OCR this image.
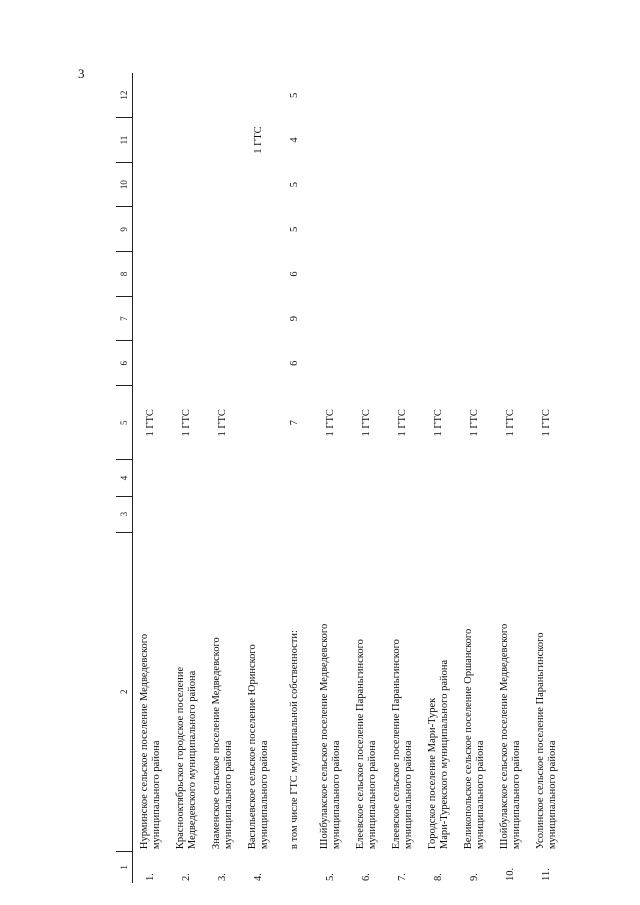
3
1	2	3	4	5	6	7	8	9	10	11	12
1.	Нурминское сельское поселение Медведевского муниципального района			1 ГТС							
2.	Краснооктябрьское городское поселение Медведевского муниципального района			1 ГТС							
3.	Знаменское сельское поселение Медведевского муниципального района			1 ГТС							
4.	Васильевское сельское поселение Юринского муниципального района									1 ГТС	

	в том числе ГТС муниципальной собственности:			7	6	9	6	5	5	4	5
5.	Шойбулакское сельское поселение Медведевского муниципального района			1 ГТС							
6.	Елеевское сельское поселение Параньгинского муниципального района			1 ГТС							
7.	Елеевское сельское поселение Параньгинского муниципального района			1 ГТС							
8.	Городское поселение Мари-Турек Мари-Турекского муниципального района			1 ГТС							
9.	Великопольское сельское поселение Оршанского муниципального района			1 ГТС							
10.	Шойбулакское сельское поселение Медведевского муниципального района			1 ГТС							
11.	Усолинское сельское поселение Параньгинского муниципального района			1 ГТС							
